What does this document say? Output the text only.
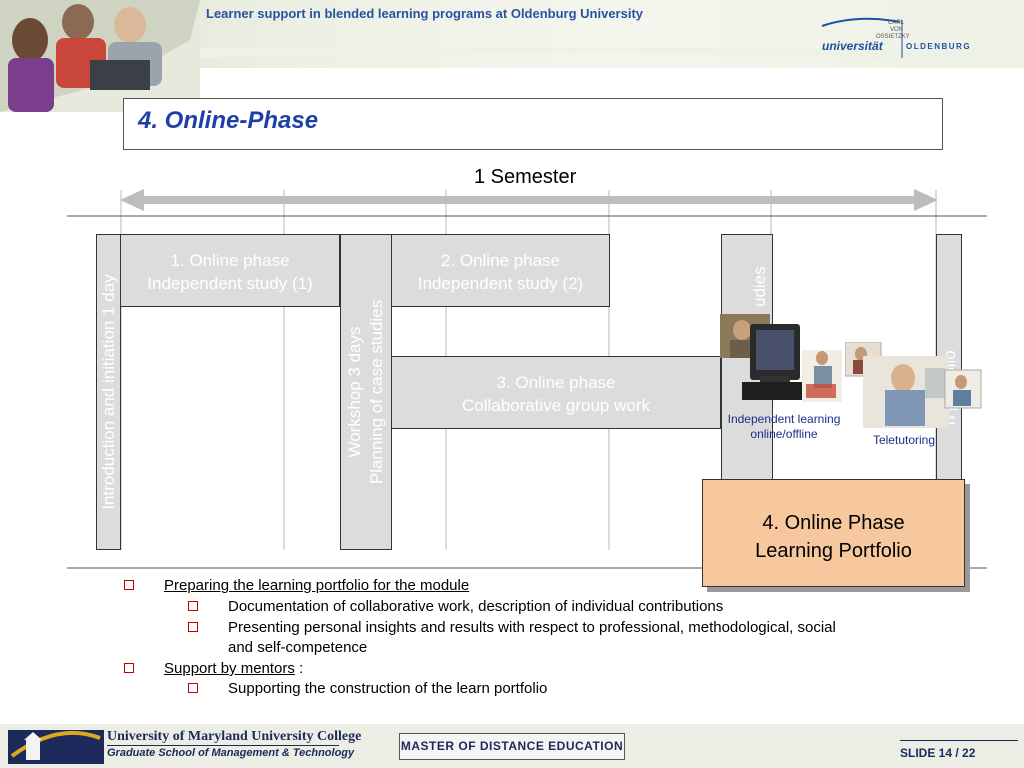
Learner support in blended learning programs at Oldenburg University
CARL
VON
OSSIETZKY
universität	OLDENBURG
4. Online-Phase
1 Semester
1. Online phase
Independent study (1)
2. Online phase
Independent study (2)
3. Online phase
Collaborative group work
Introduction and initiation 1 day	Workshop 3 days Planning of case studies
udies
n
Independent learning
online/offline	Teletutoring
4. Online Phase
Learning Portfolio
Preparing the learning portfolio for the module
Documentation of collaborative work, description of individual contributions
Presenting personal insights and results with respect to professional, methodological, social
and self-competence
Support by mentors :
Supporting the construction of the learn portfolio
University of Maryland University College
Graduate School of Management & Technology	MASTER OF DISTANCE EDUCATION	SLIDE 14 / 22
